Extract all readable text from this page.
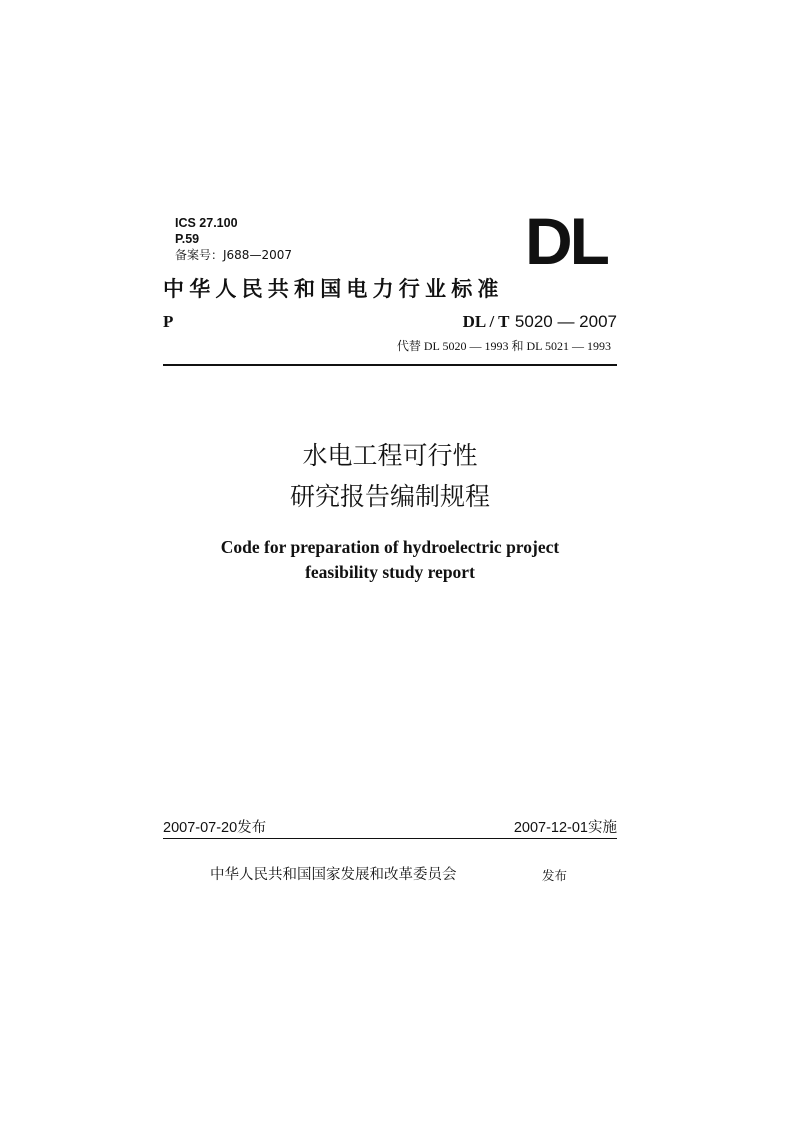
ICS 27.100
P.59
备案号：J688—2007	DL
中华人民共和国电力行业标准
P	DL / T 5020 — 2007
代替 DL 5020 — 1993 和 DL 5021 — 1993
水电工程可行性
研究报告编制规程
Code for preparation of hydroelectric project
feasibility study report
2007-07-20发布	2007-12-01实施
中华人民共和国国家发展和改革委员会	发布
